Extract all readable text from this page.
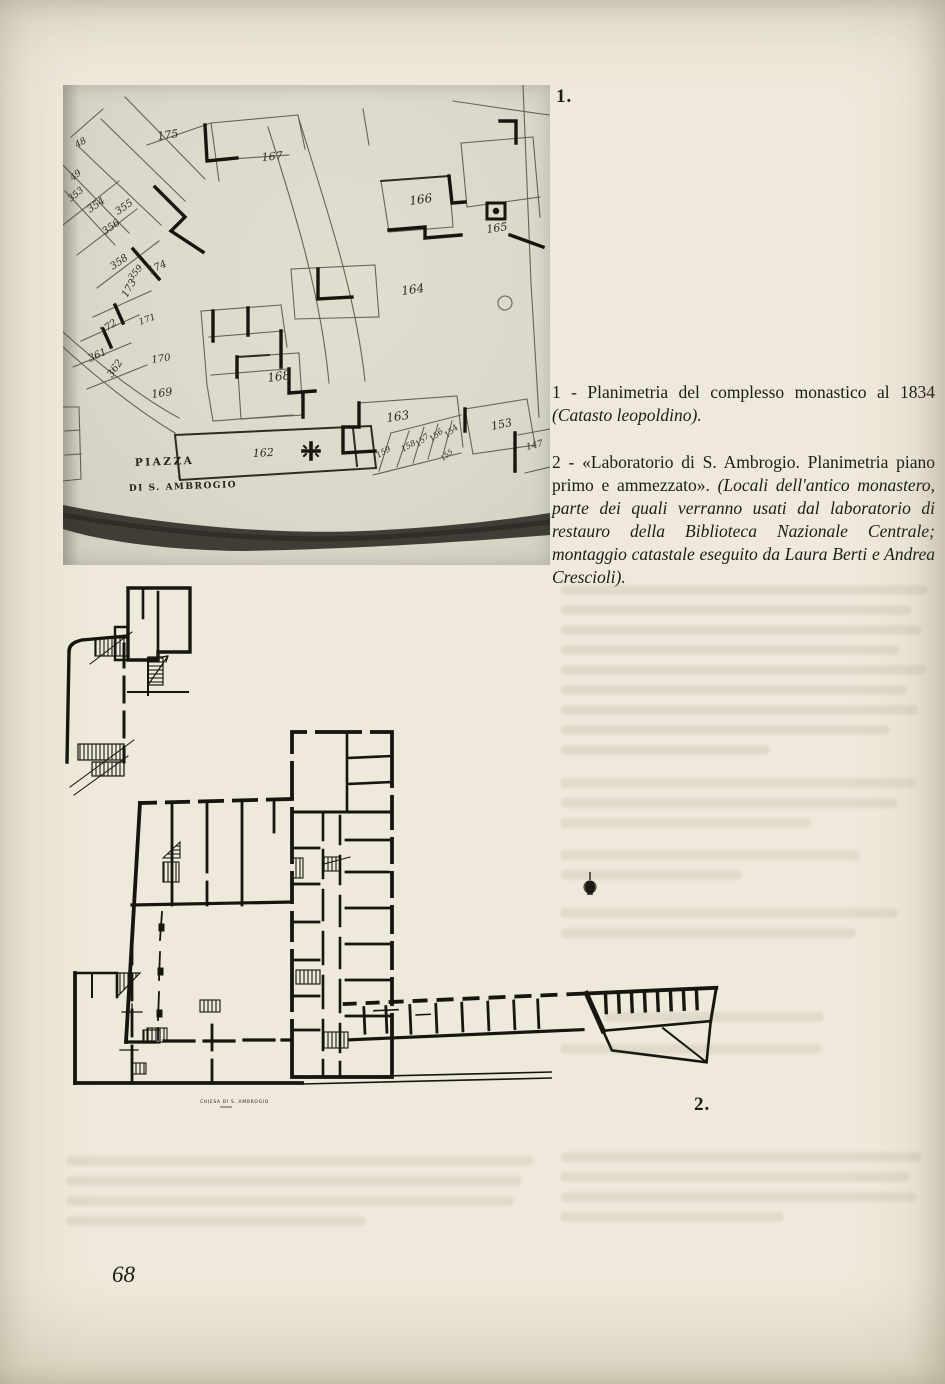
175
167
166
165
164
168
163
162
153
147
171
170
169
172
361
362
353
354 355
356
358
359
173
174
49
48
159 158
157
156
155
154
PIAZZA
DI S. AMBROGIO
1.
2.

1 - Planimetria del complesso monastico al 1834 (Catasto leopoldino).

2 - «Laboratorio di S. Ambrogio. Planimetria piano primo e ammezzato». (Locali dell'antico monastero, parte dei quali verranno usati dal laboratorio di restauro della Biblioteca Nazionale Centrale; montaggio catastale eseguito da Laura Berti e Andrea Crescioli).

CHIESA DI S. AMBROGIO
68
